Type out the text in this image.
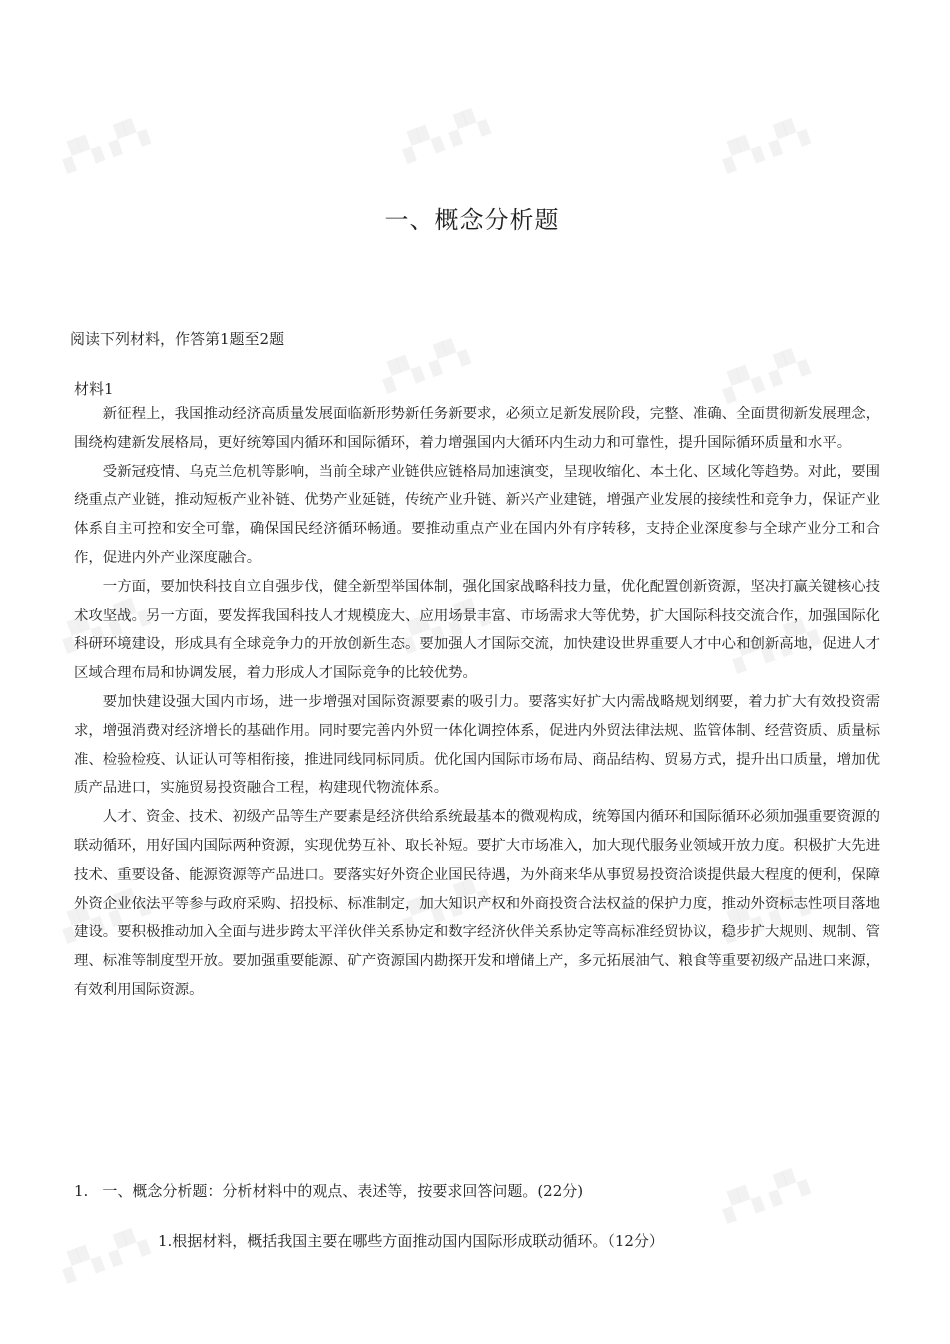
▞▚ ▞▚	▞▚ ▞▚	▞▚ ▞▚
▞▚ ▞▚	▞▚ ▞▚
▞▚ ▞▚	▞▚ ▞▚	▞▚ ▞▚
▞▚ ▞▚	▞▚ ▞▚	▞▚ ▞▚
▞▚ ▞▚
▞▚ ▞▚
一、概念分析题
阅读下列材料，作答第1题至2题
材料1

新征程上，我国推动经济高质量发展面临新形势新任务新要求，必须立足新发展阶段，完整、准确、全面贯彻新发展理念，围绕构建新发展格局，更好统筹国内循环和国际循环，着力增强国内大循环内生动力和可靠性，提升国际循环质量和水平。

受新冠疫情、乌克兰危机等影响，当前全球产业链供应链格局加速演变，呈现收缩化、本土化、区域化等趋势。对此，要围绕重点产业链，推动短板产业补链、优势产业延链，传统产业升链、新兴产业建链，增强产业发展的接续性和竞争力，保证产业体系自主可控和安全可靠，确保国民经济循环畅通。要推动重点产业在国内外有序转移，支持企业深度参与全球产业分工和合作，促进内外产业深度融合。

一方面，要加快科技自立自强步伐，健全新型举国体制，强化国家战略科技力量，优化配置创新资源，坚决打赢关键核心技术攻坚战。另一方面，要发挥我国科技人才规模庞大、应用场景丰富、市场需求大等优势，扩大国际科技交流合作，加强国际化科研环境建设，形成具有全球竞争力的开放创新生态。要加强人才国际交流，加快建设世界重要人才中心和创新高地，促进人才区域合理布局和协调发展，着力形成人才国际竞争的比较优势。

要加快建设强大国内市场，进一步增强对国际资源要素的吸引力。要落实好扩大内需战略规划纲要，着力扩大有效投资需求，增强消费对经济增长的基础作用。同时要完善内外贸一体化调控体系，促进内外贸法律法规、监管体制、经营资质、质量标准、检验检疫、认证认可等相衔接，推进同线同标同质。优化国内国际市场布局、商品结构、贸易方式，提升出口质量，增加优质产品进口，实施贸易投资融合工程，构建现代物流体系。

人才、资金、技术、初级产品等生产要素是经济供给系统最基本的微观构成，统筹国内循环和国际循环必须加强重要资源的联动循环，用好国内国际两种资源，实现优势互补、取长补短。要扩大市场准入，加大现代服务业领域开放力度。积极扩大先进技术、重要设备、能源资源等产品进口。要落实好外资企业国民待遇，为外商来华从事贸易投资洽谈提供最大程度的便利，保障外资企业依法平等参与政府采购、招投标、标准制定，加大知识产权和外商投资合法权益的保护力度，推动外资标志性项目落地建设。要积极推动加入全面与进步跨太平洋伙伴关系协定和数字经济伙伴关系协定等高标准经贸协议，稳步扩大规则、规制、管理、标准等制度型开放。要加强重要能源、矿产资源国内勘探开发和增储上产，多元拓展油气、粮食等重要初级产品进口来源，有效利用国际资源。

1. 一、概念分析题：分析材料中的观点、表述等，按要求回答问题。(22分)
1.根据材料，概括我国主要在哪些方面推动国内国际形成联动循环。（12分）
